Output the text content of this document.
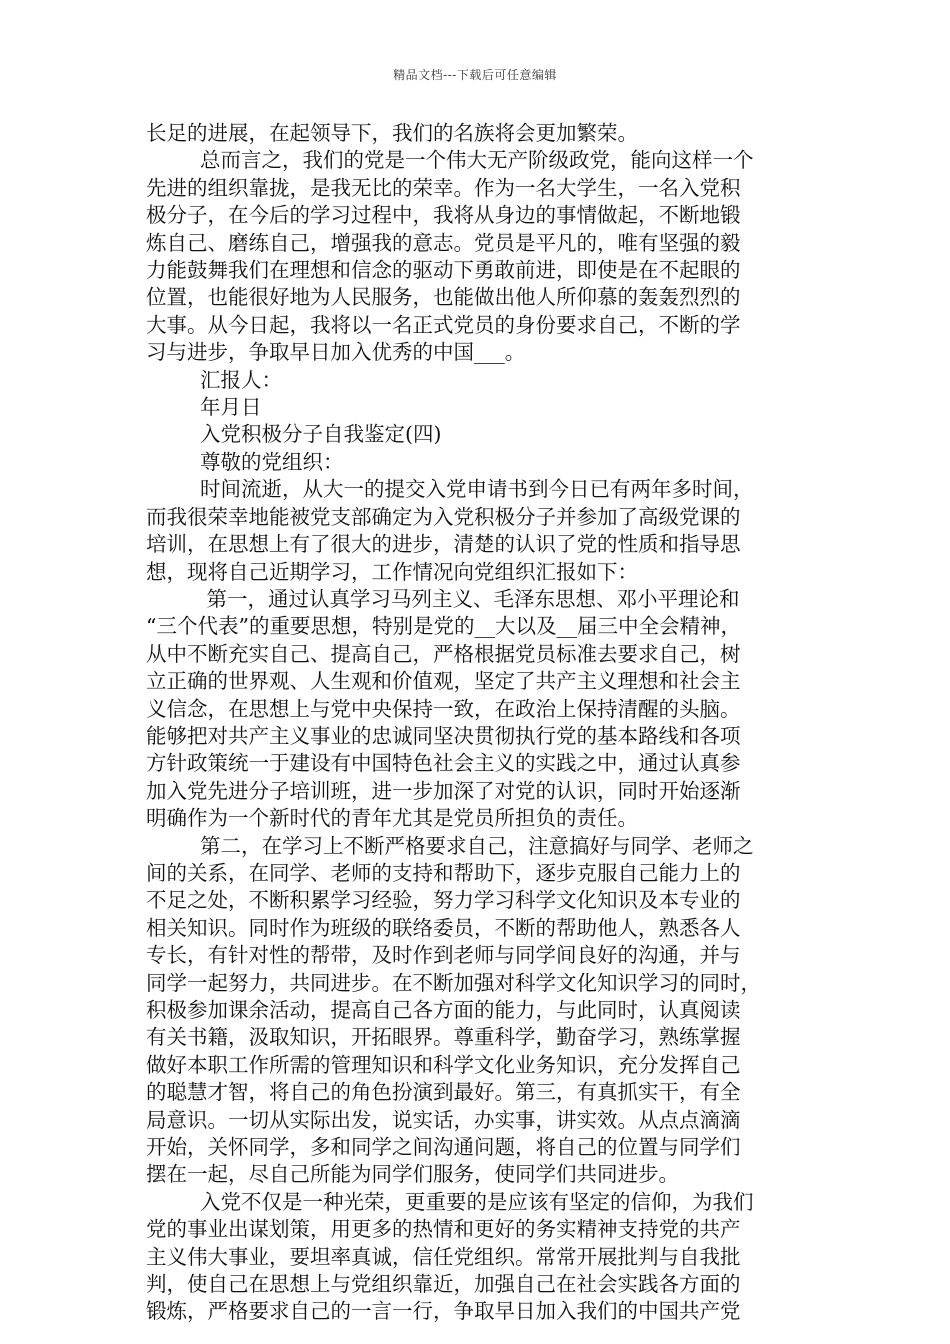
精品文档---下载后可任意编辑

长足的进展，在起领导下，我们的名族将会更加繁荣。

总而言之，我们的党是一个伟大无产阶级政党，能向这样一个

先进的组织靠拢，是我无比的荣幸。作为一名大学生，一名入党积

极分子，在今后的学习过程中，我将从身边的事情做起，不断地锻

炼自己、磨练自己，增强我的意志。党员是平凡的，唯有坚强的毅

力能鼓舞我们在理想和信念的驱动下勇敢前进，即使是在不起眼的

位置，也能很好地为人民服务，也能做出他人所仰慕的轰轰烈烈的

大事。从今日起，我将以一名正式党员的身份要求自己，不断的学

习与进步，争取早日加入优秀的中国___。

汇报人：

年月日

入党积极分子自我鉴定(四)

尊敬的党组织：

时间流逝，从大一的提交入党申请书到今日已有两年多时间，

而我很荣幸地能被党支部确定为入党积极分子并参加了高级党课的

培训，在思想上有了很大的进步，清楚的认识了党的性质和指导思

想，现将自己近期学习，工作情况向党组织汇报如下：

第一，通过认真学习马列主义、毛泽东思想、邓小平理论和

“三个代表”的重要思想，特别是党的__大以及__届三中全会精神，

从中不断充实自己、提高自己，严格根据党员标准去要求自己，树

立正确的世界观、人生观和价值观，坚定了共产主义理想和社会主

义信念，在思想上与党中央保持一致，在政治上保持清醒的头脑。

能够把对共产主义事业的忠诚同坚决贯彻执行党的基本路线和各项

方针政策统一于建设有中国特色社会主义的实践之中，通过认真参

加入党先进分子培训班，进一步加深了对党的认识，同时开始逐渐

明确作为一个新时代的青年尤其是党员所担负的责任。

第二，在学习上不断严格要求自己，注意搞好与同学、老师之

间的关系，在同学、老师的支持和帮助下，逐步克服自己能力上的

不足之处，不断积累学习经验，努力学习科学文化知识及本专业的

相关知识。同时作为班级的联络委员，不断的帮助他人，熟悉各人

专长，有针对性的帮带，及时作到老师与同学间良好的沟通，并与

同学一起努力，共同进步。在不断加强对科学文化知识学习的同时，

积极参加课余活动，提高自己各方面的能力，与此同时，认真阅读

有关书籍，汲取知识，开拓眼界。尊重科学，勤奋学习，熟练掌握

做好本职工作所需的管理知识和科学文化业务知识，充分发挥自己

的聪慧才智，将自己的角色扮演到最好。第三，有真抓实干，有全

局意识。一切从实际出发，说实话，办实事，讲实效。从点点滴滴

开始，关怀同学，多和同学之间沟通问题，将自己的位置与同学们

摆在一起，尽自己所能为同学们服务，使同学们共同进步。

入党不仅是一种光荣，更重要的是应该有坚定的信仰，为我们

党的事业出谋划策，用更多的热情和更好的务实精神支持党的共产

主义伟大事业，要坦率真诚，信任党组织。常常开展批判与自我批

判，使自己在思想上与党组织靠近，加强自己在社会实践各方面的

锻炼，严格要求自己的一言一行，争取早日加入我们的中国共产党
